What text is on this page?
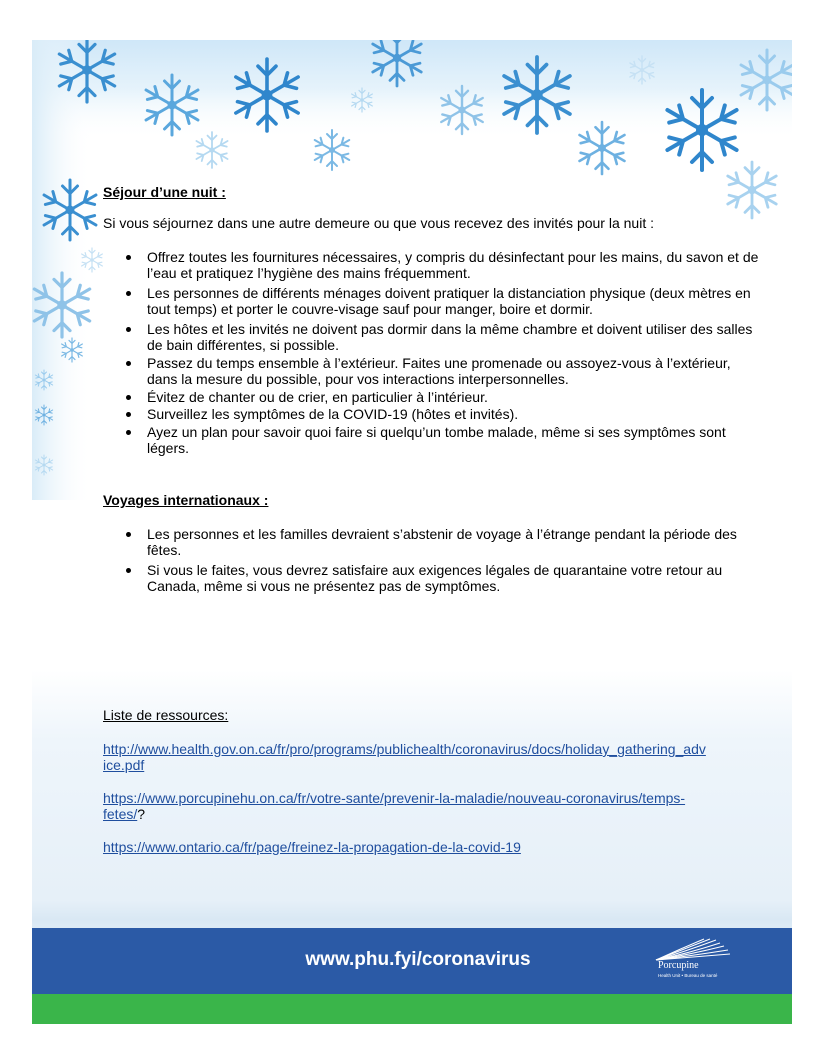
Séjour d’une nuit :
Si vous séjournez dans une autre demeure ou que vous recevez des invités pour la nuit :
Offrez toutes les fournitures nécessaires, y compris du désinfectant pour les mains, du savon et de l’eau et pratiquez l’hygiène des mains fréquemment.
Les personnes de différents ménages doivent pratiquer la distanciation physique (deux mètres en tout temps) et porter le couvre-visage sauf pour manger, boire et dormir.
Les hôtes et les invités ne doivent pas dormir dans la même chambre et doivent utiliser des salles de bain différentes, si possible.
Passez du temps ensemble à l’extérieur. Faites une promenade ou assoyez-vous à l’extérieur, dans la mesure du possible, pour vos interactions interpersonnelles.
Évitez de chanter ou de crier, en particulier à l’intérieur.
Surveillez les symptômes de la COVID-19 (hôtes et invités).
Ayez un plan pour savoir quoi faire si quelqu’un tombe malade, même si ses symptômes sont légers.
Voyages internationaux :
Les personnes et les familles devraient s’abstenir de voyage à l’étrange pendant la période des fêtes.
Si vous le faites, vous devrez satisfaire aux exigences légales de quarantaine votre retour au Canada, même si vous ne présentez pas de symptômes.
Liste de ressources:
http://www.health.gov.on.ca/fr/pro/programs/publichealth/coronavirus/docs/holiday_gathering_adv
ice.pdf
https://www.porcupinehu.on.ca/fr/votre-sante/prevenir-la-maladie/nouveau-coronavirus/temps-
fetes/?
https://www.ontario.ca/fr/page/freinez-la-propagation-de-la-covid-19
www.phu.fyi/coronavirus	Porcupine
Health Unit • Bureau de santé
